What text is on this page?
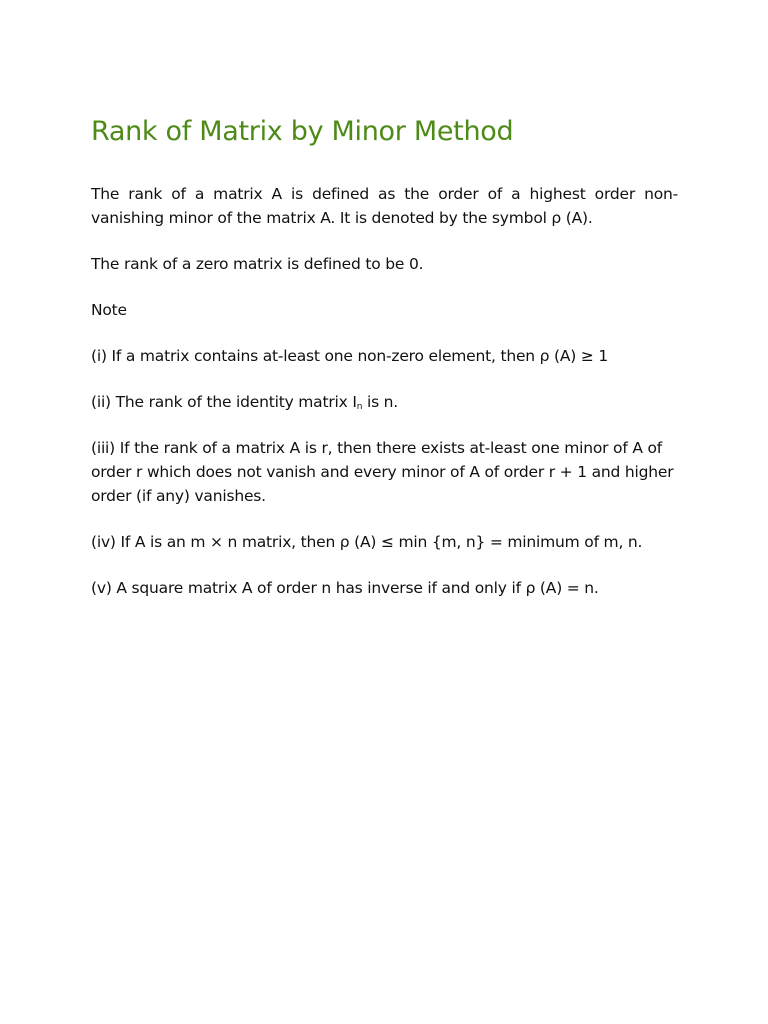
Rank of Matrix by Minor Method

The rank of a matrix A is defined as the order of a highest order non-vanishing minor of the matrix A. It is denoted by the symbol ρ (A).

The rank of a zero matrix is defined to be 0.

Note

(i) If a matrix contains at-least one non-zero element, then ρ (A) ≥ 1

(ii) The rank of the identity matrix $I_n$ is n.

(iii) If the rank of a matrix A is r, then there exists at-least one minor of A of order r which does not vanish and every minor of A of order r + 1 and higher order (if any) vanishes.

(iv) If A is an m × n matrix, then ρ (A) ≤ min {m, n} = minimum of m, n.

(v) A square matrix A of order n has inverse if and only if ρ (A) = n.
